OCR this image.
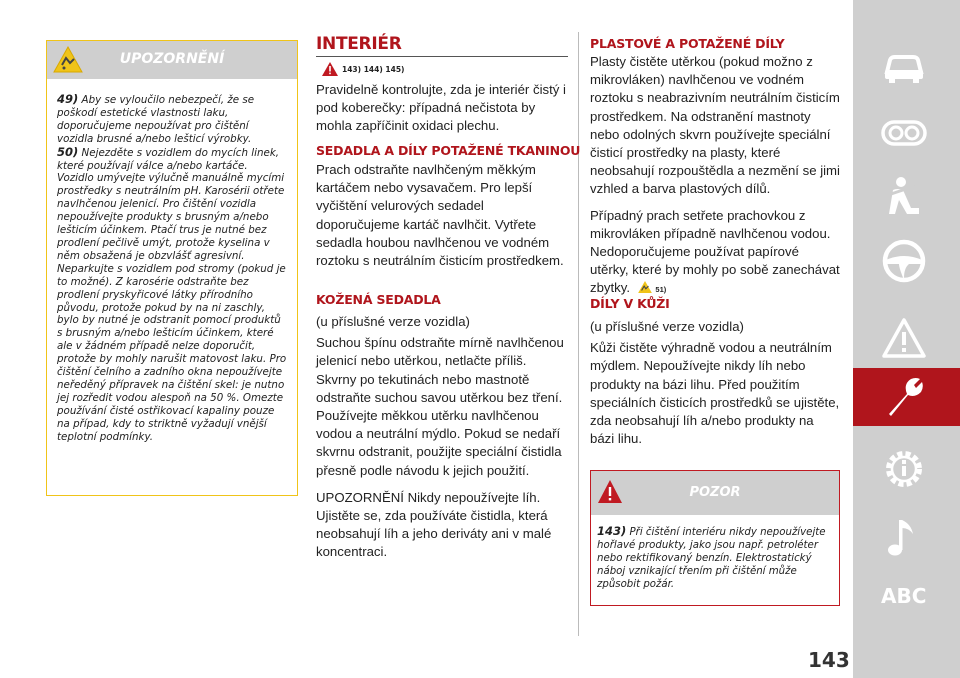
UPOZORNĚNÍ

49) Aby se vyloučilo nebezpečí, že se poškodí estetické vlastnosti laku, doporučujeme nepoužívat pro čištění vozidla brusné a/nebo lešticí výrobky.

50) Nejezděte s vozidlem do mycích linek, které používají válce a/nebo kartáče. Vozidlo umývejte výlučně manuálně mycími prostředky s neutrálním pH. Karosérii otřete navlhčenou jelenicí. Pro čištění vozidla nepoužívejte produkty s brusným a/nebo lešticím účinkem. Ptačí trus je nutné bez prodlení pečlivě umýt, protože kyselina v něm obsažená je obzvlášť agresivní. Neparkujte s vozidlem pod stromy (pokud je to možné). Z karosérie odstraňte bez prodlení pryskyřicové látky přírodního původu, protože pokud by na ni zaschly, bylo by nutné je odstranit pomocí produktů s brusným a/nebo lešticím účinkem, které ale v žádném případě nelze doporučit, protože by mohly narušit matovost laku. Pro čištění čelního a zadního okna nepoužívejte neředěný přípravek na čištění skel: je nutno jej rozředit vodou alespoň na 50 %. Omezte používání čisté ostřikovací kapaliny pouze na případ, kdy to striktně vyžadují vnější teplotní podmínky.

INTERIÉR
143) 144) 145)
Pravidelně kontrolujte, zda je interiér čistý i pod koberečky: případná nečistota by mohla zapříčinit oxidaci plechu.
SEDADLA A DÍLY POTAŽENÉ TKANINOU
Prach odstraňte navlhčeným měkkým kartáčem nebo vysavačem. Pro lepší vyčištění velurových sedadel doporučujeme kartáč navlhčit. Vytřete sedadla houbou navlhčenou ve vodném roztoku s neutrálním čisticím prostředkem.
KOŽENÁ SEDADLA

(u příslušné verze vozidla)

Suchou špínu odstraňte mírně navlhčenou jelenicí nebo utěrkou, netlačte příliš. Skvrny po tekutinách nebo mastnotě odstraňte suchou savou utěrkou bez tření. Používejte měkkou utěrku navlhčenou vodou a neutrální mýdlo. Pokud se nedaří skvrnu odstranit, použijte speciální čistidla přesně podle návodu k jejich použití.

UPOZORNĚNÍ Nikdy nepoužívejte líh. Ujistěte se, zda používáte čistidla, která neobsahují líh a jeho deriváty ani v malé koncentraci.

PLASTOVÉ A POTAŽENÉ DÍLY

Plasty čistěte utěrkou (pokud možno z mikrovláken) navlhčenou ve vodném roztoku s neabrazivním neutrálním čisticím prostředkem. Na odstranění mastnoty nebo odolných skvrn používejte speciální čisticí prostředky na plasty, které neobsahují rozpouštědla a nezmění se jimi vzhled a barva plastových dílů.

Případný prach setřete prachovkou z mikrovláken případně navlhčenou vodou. Nedoporučujeme používat papírové utěrky, které by mohly po sobě zanechávat zbytky.	51)

DÍLY V KŮŽI

(u příslušné verze vozidla)

Kůži čistěte výhradně vodou a neutrálním mýdlem. Nepoužívejte nikdy líh nebo produkty na bázi lihu. Před použitím speciálních čisticích prostředků se ujistěte, zda neobsahují líh a/nebo produkty na bázi lihu.

POZOR

143) Při čištění interiéru nikdy nepoužívejte hořlavé produkty, jako jsou např. petroléter nebo rektifikovaný benzín. Elektrostatický náboj vznikající třením při čištění může způsobit požár.	ABC
143
